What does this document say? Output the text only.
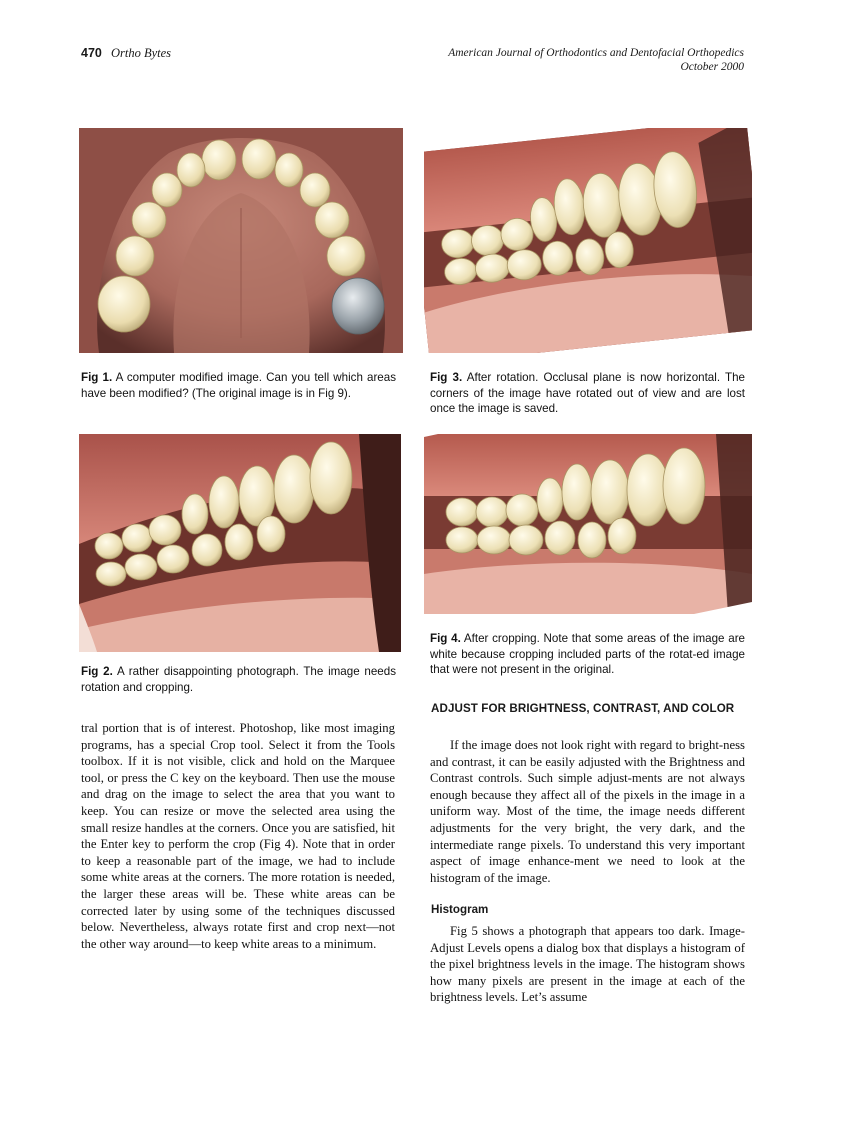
470 Ortho Bytes	American Journal of Orthodontics and Dentofacial Orthopedics
October 2000
Fig 1. A computer modified image. Can you tell which areas have been modified? (The original image is in Fig 9).
Fig 3. After rotation. Occlusal plane is now horizontal. The corners of the image have rotated out of view and are lost once the image is saved.
Fig 2. A rather disappointing photograph. The image needs rotation and cropping.
Fig 4. After cropping. Note that some areas of the image are white because cropping included parts of the rotat-ed image that were not present in the original.

tral portion that is of interest. Photoshop, like most imaging programs, has a special Crop tool. Select it from the Tools toolbox. If it is not visible, click and hold on the Marquee tool, or press the C key on the keyboard. Then use the mouse and drag on the image to select the area that you want to keep. You can resize or move the selected area using the small resize handles at the corners. Once you are satisfied, hit the Enter key to perform the crop (Fig 4). Note that in order to keep a reasonable part of the image, we had to include some white areas at the corners. The more rotation is needed, the larger these areas will be. These white areas can be corrected later by using some of the techniques discussed below. Nevertheless, always rotate first and crop next—not the other way around—to keep white areas to a minimum.

ADJUST FOR BRIGHTNESS, CONTRAST, AND COLOR

If the image does not look right with regard to bright-ness and contrast, it can be easily adjusted with the Brightness and Contrast controls. Such simple adjust-ments are not always enough because they affect all of the pixels in the image in a uniform way. Most of the time, the image needs different adjustments for the very bright, the very dark, and the intermediate range pixels. To understand this very important aspect of image enhance-ment we need to look at the histogram of the image.

Histogram

Fig 5 shows a photograph that appears too dark. Image-Adjust Levels opens a dialog box that displays a histogram of the pixel brightness levels in the image. The histogram shows how many pixels are present in the image at each of the brightness levels. Let’s assume
